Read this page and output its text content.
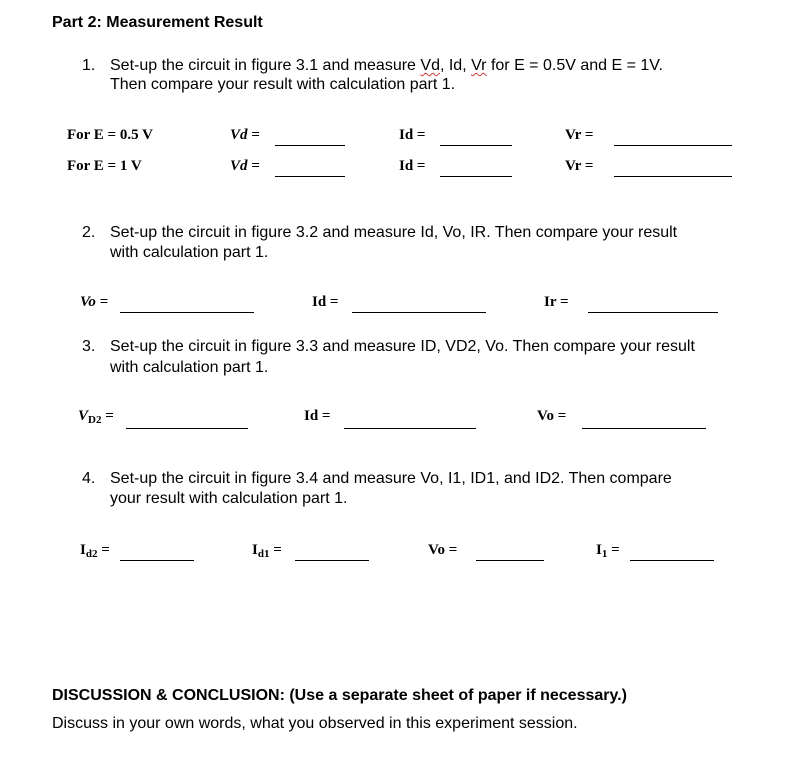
Part 2: Measurement Result
1. Set-up the circuit in figure 3.1 and measure Vd, Id, Vr for E = 0.5V and E = 1V.
Then compare your result with calculation part 1.
For E = 0.5 V	Vd =	Id =	Vr =
For E = 1 V	Vd =	Id =	Vr =
2. Set-up the circuit in figure 3.2 and measure Id, Vo, IR. Then compare your result
with calculation part 1.
Vo =	Id =	Ir =
3. Set-up the circuit in figure 3.3 and measure ID, VD2, Vo. Then compare your result
with calculation part 1.
$V_{D2}$ =	Id =	Vo =
4. Set-up the circuit in figure 3.4 and measure Vo, I1, ID1, and ID2. Then compare
your result with calculation part 1.
$I_{d2}$ =	$I_{d1}$ =	Vo =	$I_1$ =
DISCUSSION & CONCLUSION: (Use a separate sheet of paper if necessary.)
Discuss in your own words, what you observed in this experiment session.
